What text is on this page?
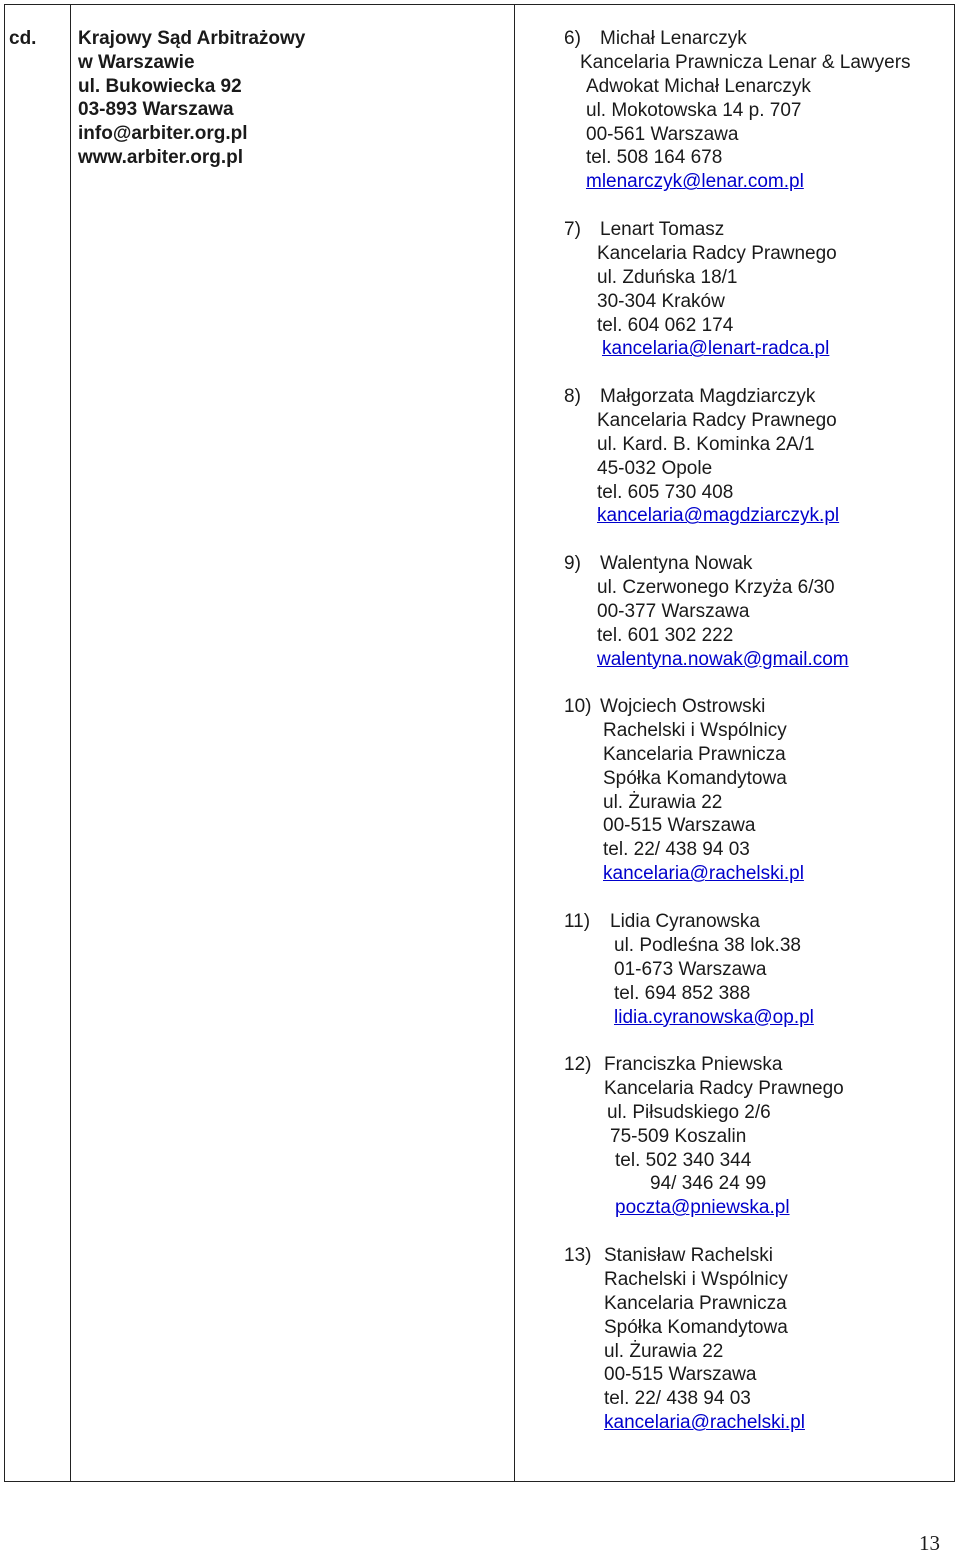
cd. Krajowy Sąd Arbitrażowy
w Warszawie
ul. Bukowiecka 92
03-893 Warszawa
info@arbiter.org.pl
www.arbiter.org.pl
6) Michał Lenarczyk
Kancelaria Prawnicza Lenar & Lawyers
Adwokat Michał Lenarczyk
ul. Mokotowska 14 p. 707
00-561 Warszawa
tel. 508 164 678
mlenarczyk@lenar.com.pl
7) Lenart Tomasz
Kancelaria Radcy Prawnego
ul. Zduńska 18/1
30-304 Kraków
tel. 604 062 174
kancelaria@lenart-radca.pl
8) Małgorzata Magdziarczyk
Kancelaria Radcy Prawnego
ul. Kard. B. Kominka 2A/1
45-032 Opole
tel. 605 730 408
kancelaria@magdziarczyk.pl
9) Walentyna Nowak
ul. Czerwonego Krzyża 6/30
00-377 Warszawa
tel. 601 302 222
walentyna.nowak@gmail.com
10) Wojciech Ostrowski
Rachelski i Wspólnicy
Kancelaria Prawnicza
Spółka Komandytowa
ul. Żurawia 22
00-515 Warszawa
tel. 22/ 438 94 03
kancelaria@rachelski.pl
11) Lidia Cyranowska
ul. Podleśna 38 lok.38
01-673 Warszawa
tel. 694 852 388
lidia.cyranowska@op.pl
12) Franciszka Pniewska
Kancelaria Radcy Prawnego
ul. Piłsudskiego 2/6
75-509 Koszalin
tel. 502 340 344
94/ 346 24 99
poczta@pniewska.pl
13) Stanisław Rachelski
Rachelski i Wspólnicy
Kancelaria Prawnicza
Spółka Komandytowa
ul. Żurawia 22
00-515 Warszawa
tel. 22/ 438 94 03
kancelaria@rachelski.pl
13
